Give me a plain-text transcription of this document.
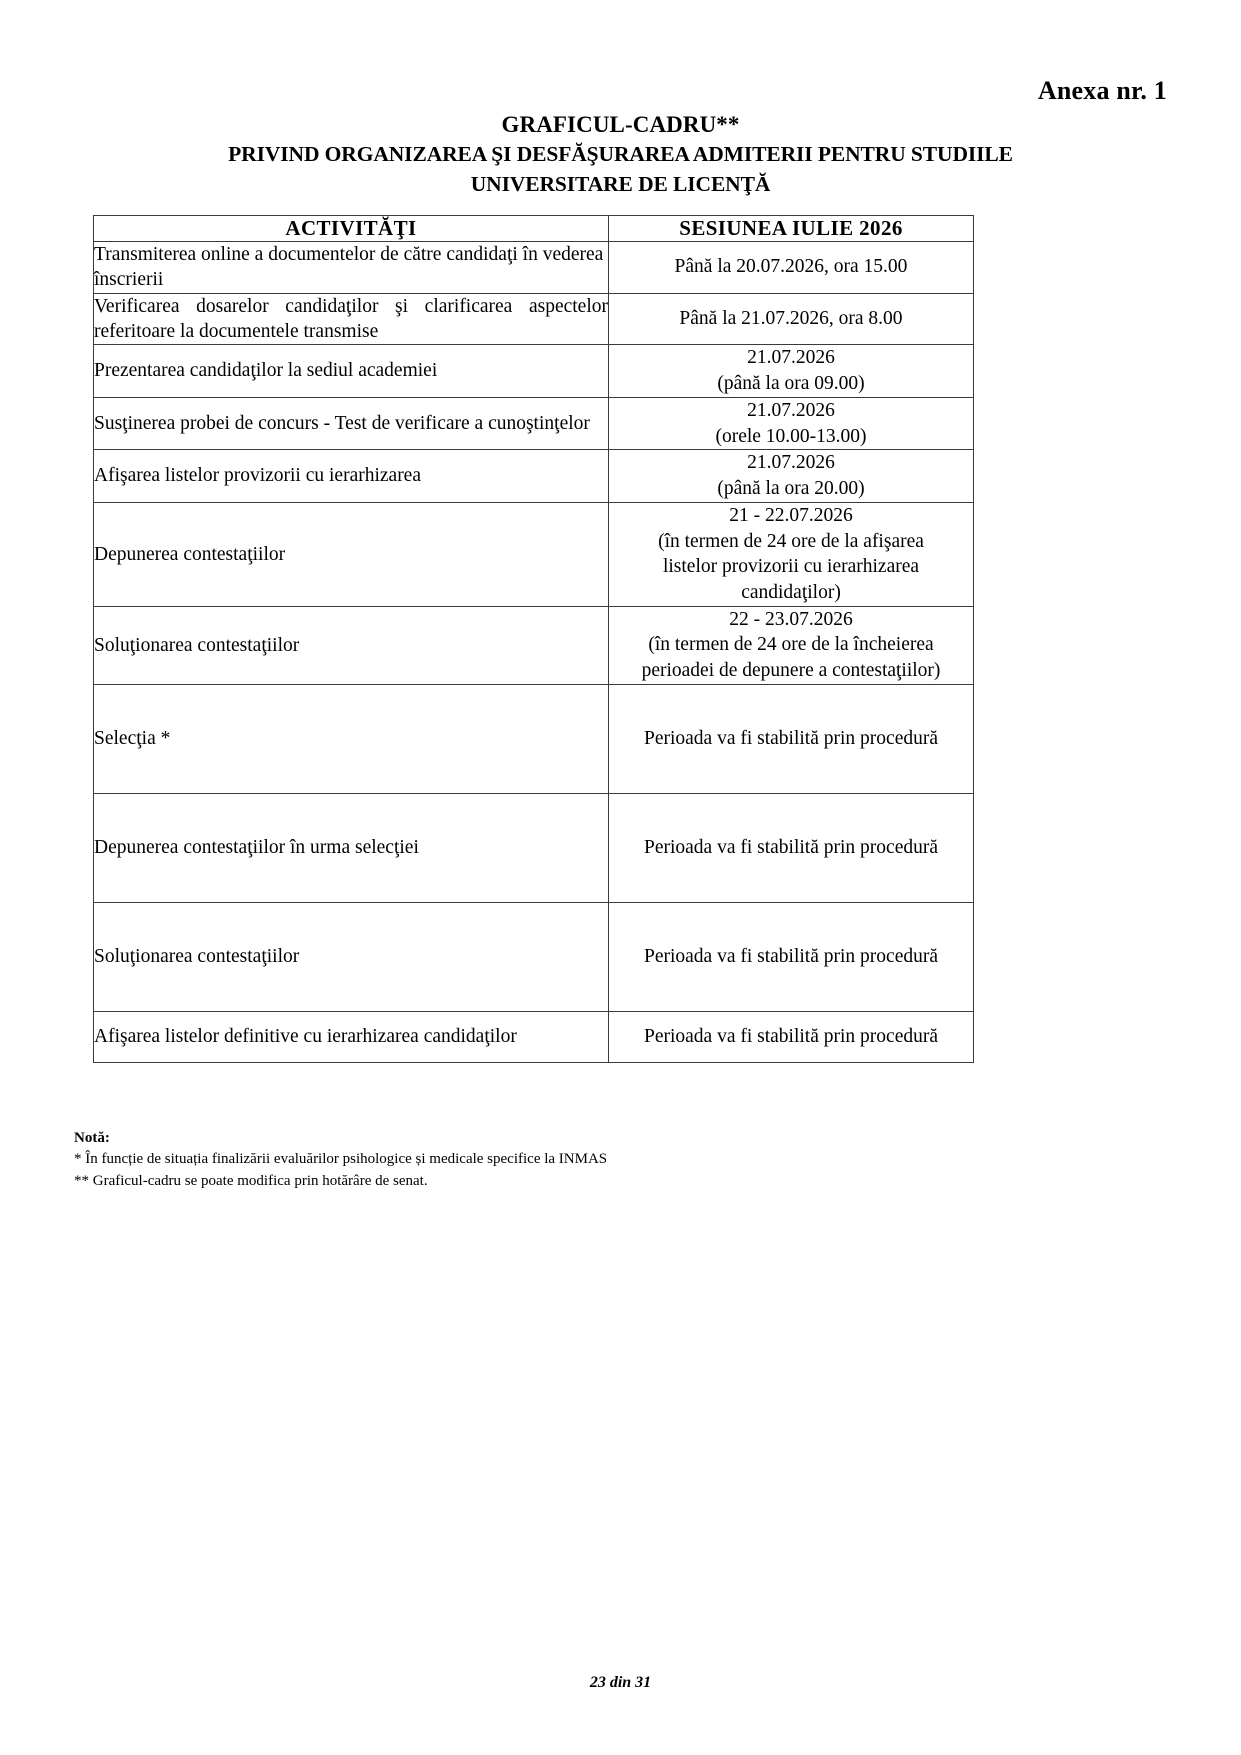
Anexa nr. 1
GRAFICUL-CADRU**
PRIVIND ORGANIZAREA ŞI DESFĂŞURAREA ADMITERII PENTRU STUDIILE
UNIVERSITARE DE LICENŢĂ
ACTIVITĂŢI	SESIUNEA IULIE 2026
Transmiterea online a documentelor de către candidaţi în vederea înscrierii	Până la 20.07.2026, ora 15.00

Verificarea dosarelor candidaţilor şi clarificarea aspectelor referitoare la documentele transmise	Până la 21.07.2026, ora 8.00

Prezentarea candidaţilor la sediul academiei	21.07.2026
(până la ora 09.00)

Susţinerea probei de concurs - Test de verificare a cunoştinţelor	21.07.2026
(orele 10.00-13.00)

Afişarea listelor provizorii cu ierarhizarea	21.07.2026
(până la ora 20.00)

Depunerea contestaţiilor	21 - 22.07.2026
(în termen de 24 ore de la afişarea
listelor provizorii cu ierarhizarea
candidaţilor)

Soluţionarea contestaţiilor	22 - 23.07.2026
(în termen de 24 ore de la încheierea
perioadei de depunere a contestaţiilor)

Selecţia *	Perioada va fi stabilită prin procedură

Depunerea contestaţiilor în urma selecţiei	Perioada va fi stabilită prin procedură

Soluţionarea contestaţiilor	Perioada va fi stabilită prin procedură

Afişarea listelor definitive cu ierarhizarea candidaţilor	Perioada va fi stabilită prin procedură
Notă:
* În funcție de situația finalizării evaluărilor psihologice și medicale specifice la INMAS
** Graficul-cadru se poate modifica prin hotărâre de senat.
23 din 31
